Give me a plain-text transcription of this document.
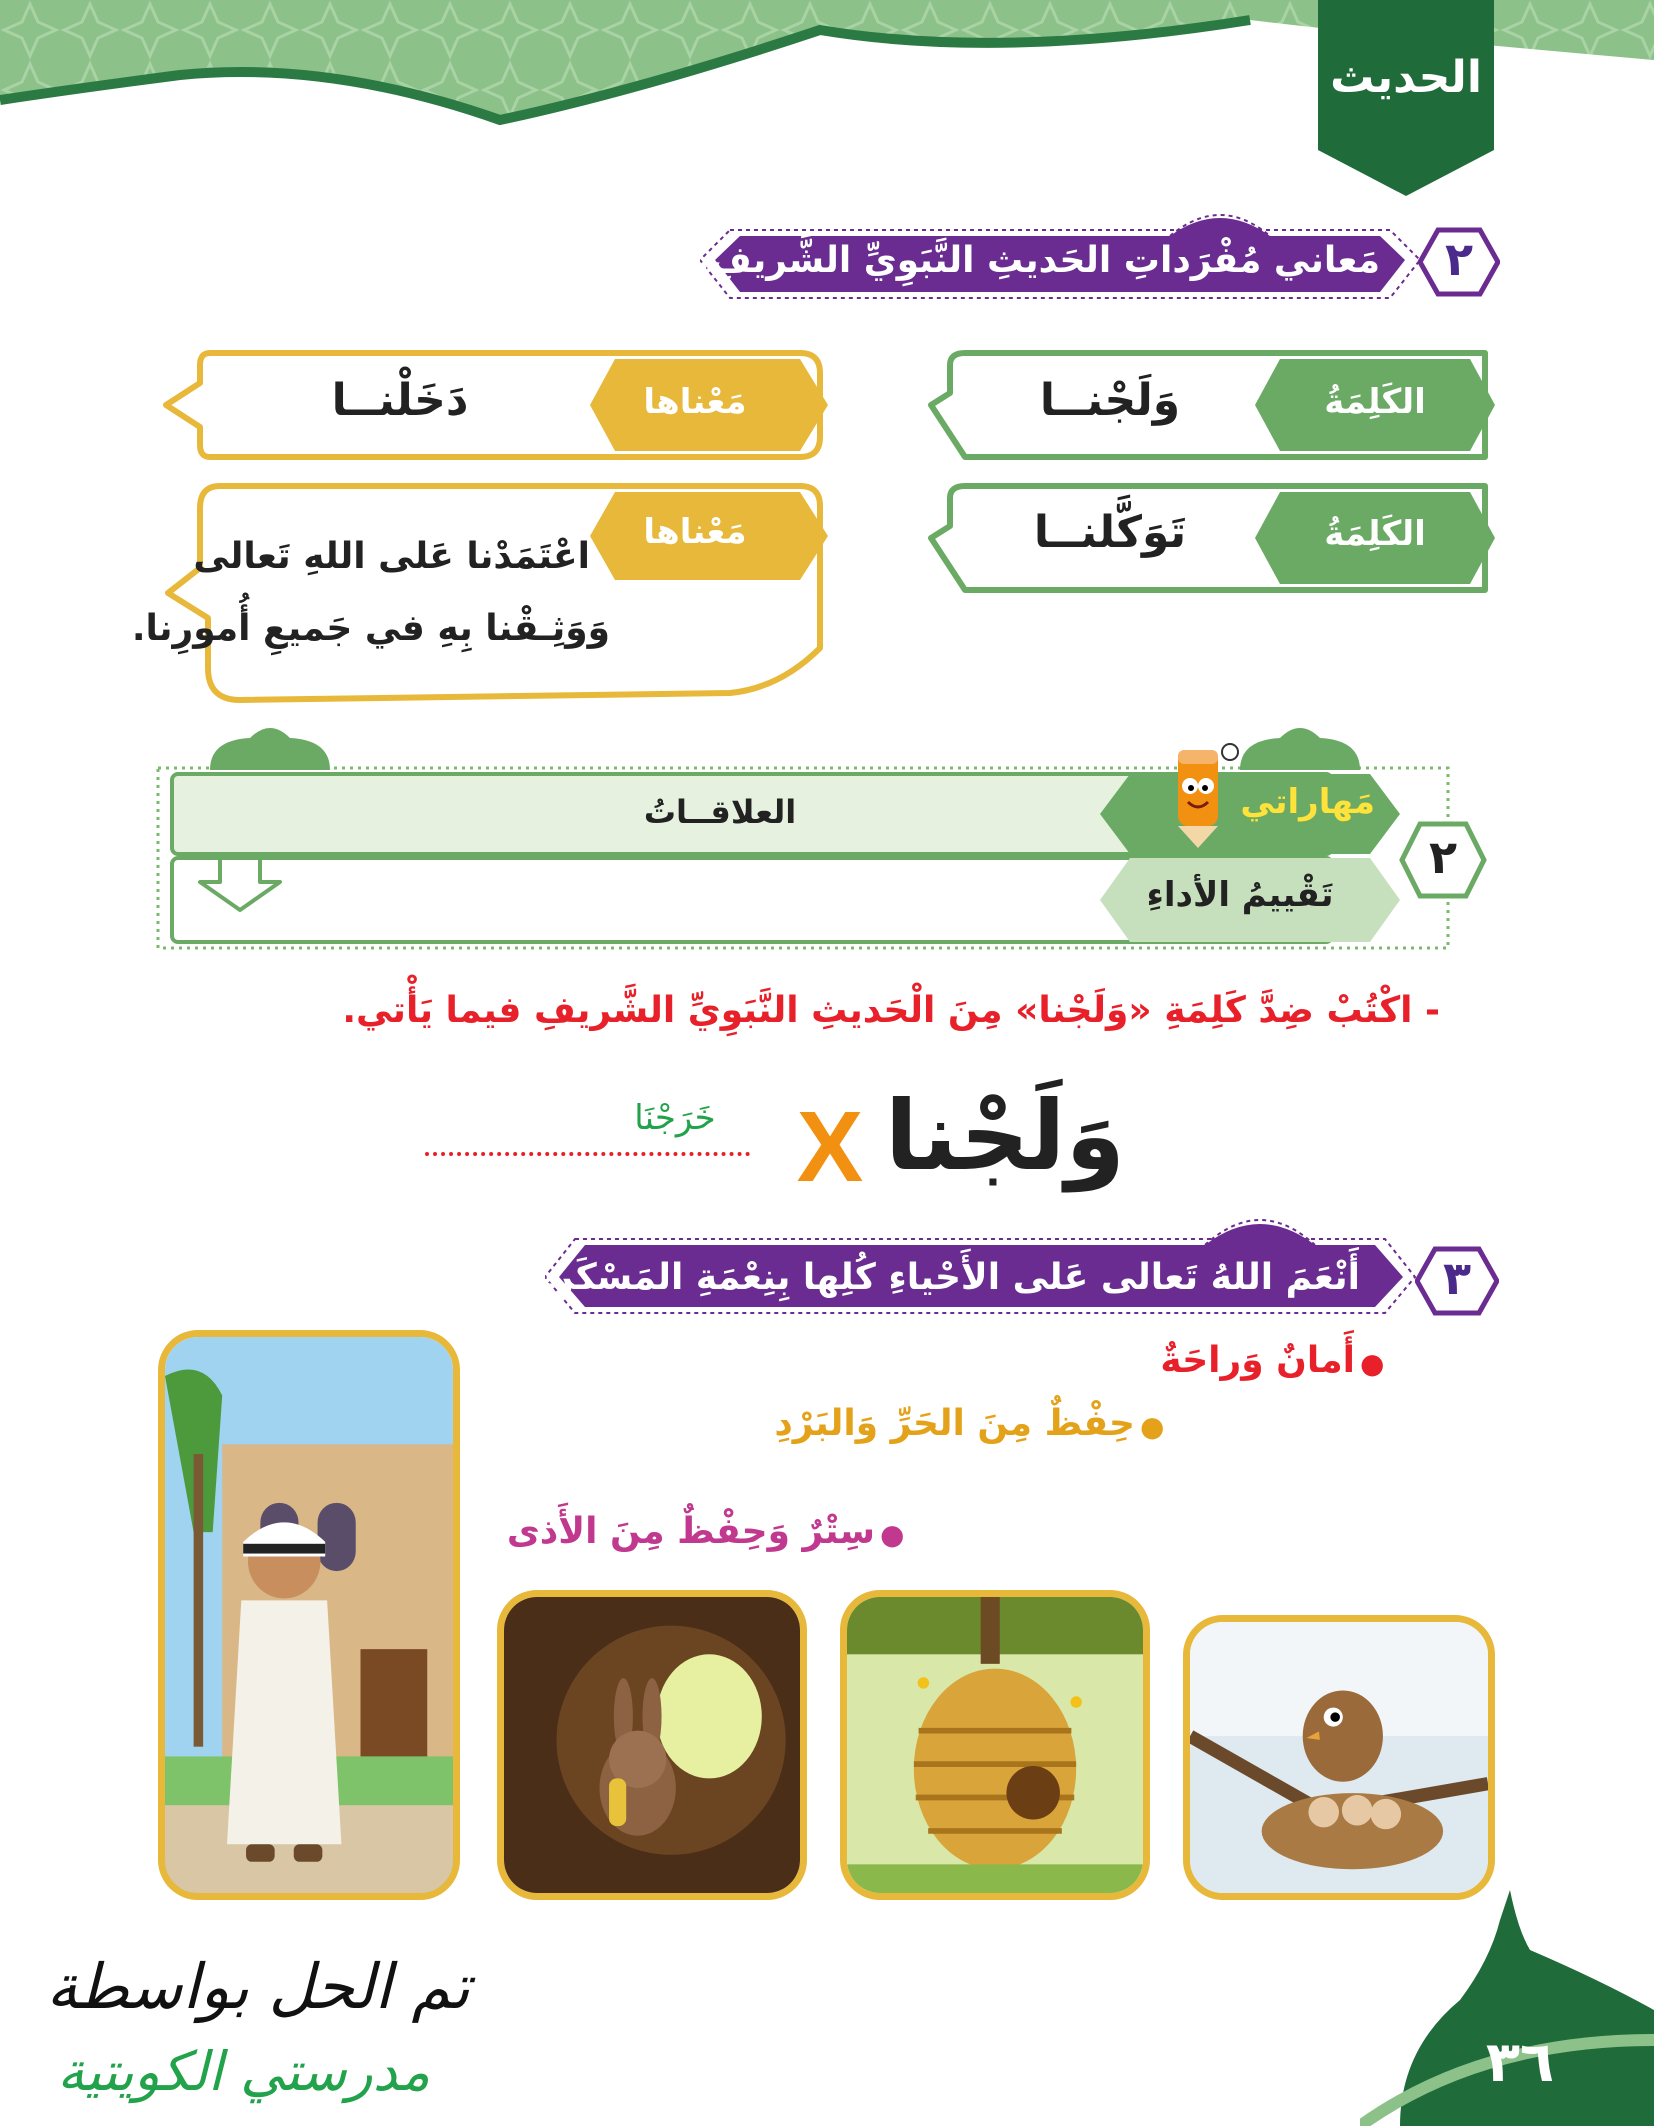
الحديث
مَعاني مُفْرَداتِ الحَديثِ النَّبَوِيِّ الشَّريفِ.	٢
الكَلِمَةُ
وَلَجْنــا
مَعْناها
دَخَلْنــا
الكَلِمَةُ
تَوَكَّلنــا
مَعْناها
اعْتَمَدْنا عَلى اللهِ تَعالى
وَوَثِـقْنا بِهِ في جَميعِ أُمورِنا.
مَهاراتي
تَقْييمُ الأداءِ
العلاقــاتُ
٢
- اكْتُبْ ضِدَّ كَلِمَةِ «وَلَجْنا» مِنَ الْحَديثِ النَّبَوِيِّ الشَّريفِ فيما يَأْتي.
وَلَجْنا
X
خَرَجْنَا
أَنْعَمَ اللهُ تَعالى عَلى الأَحْياءِ كُلِها بِنِعْمَةِ المَسْكَنِ.	٣
●
أَمانٌ وَراحَةٌ
●
حِفْظٌ مِنَ الحَرِّ وَالبَرْدِ
●
سِتْرٌ وَحِفْظٌ مِنَ الأَذى
٣٦
تم الحل بواسطة
مدرستي الكويتية
